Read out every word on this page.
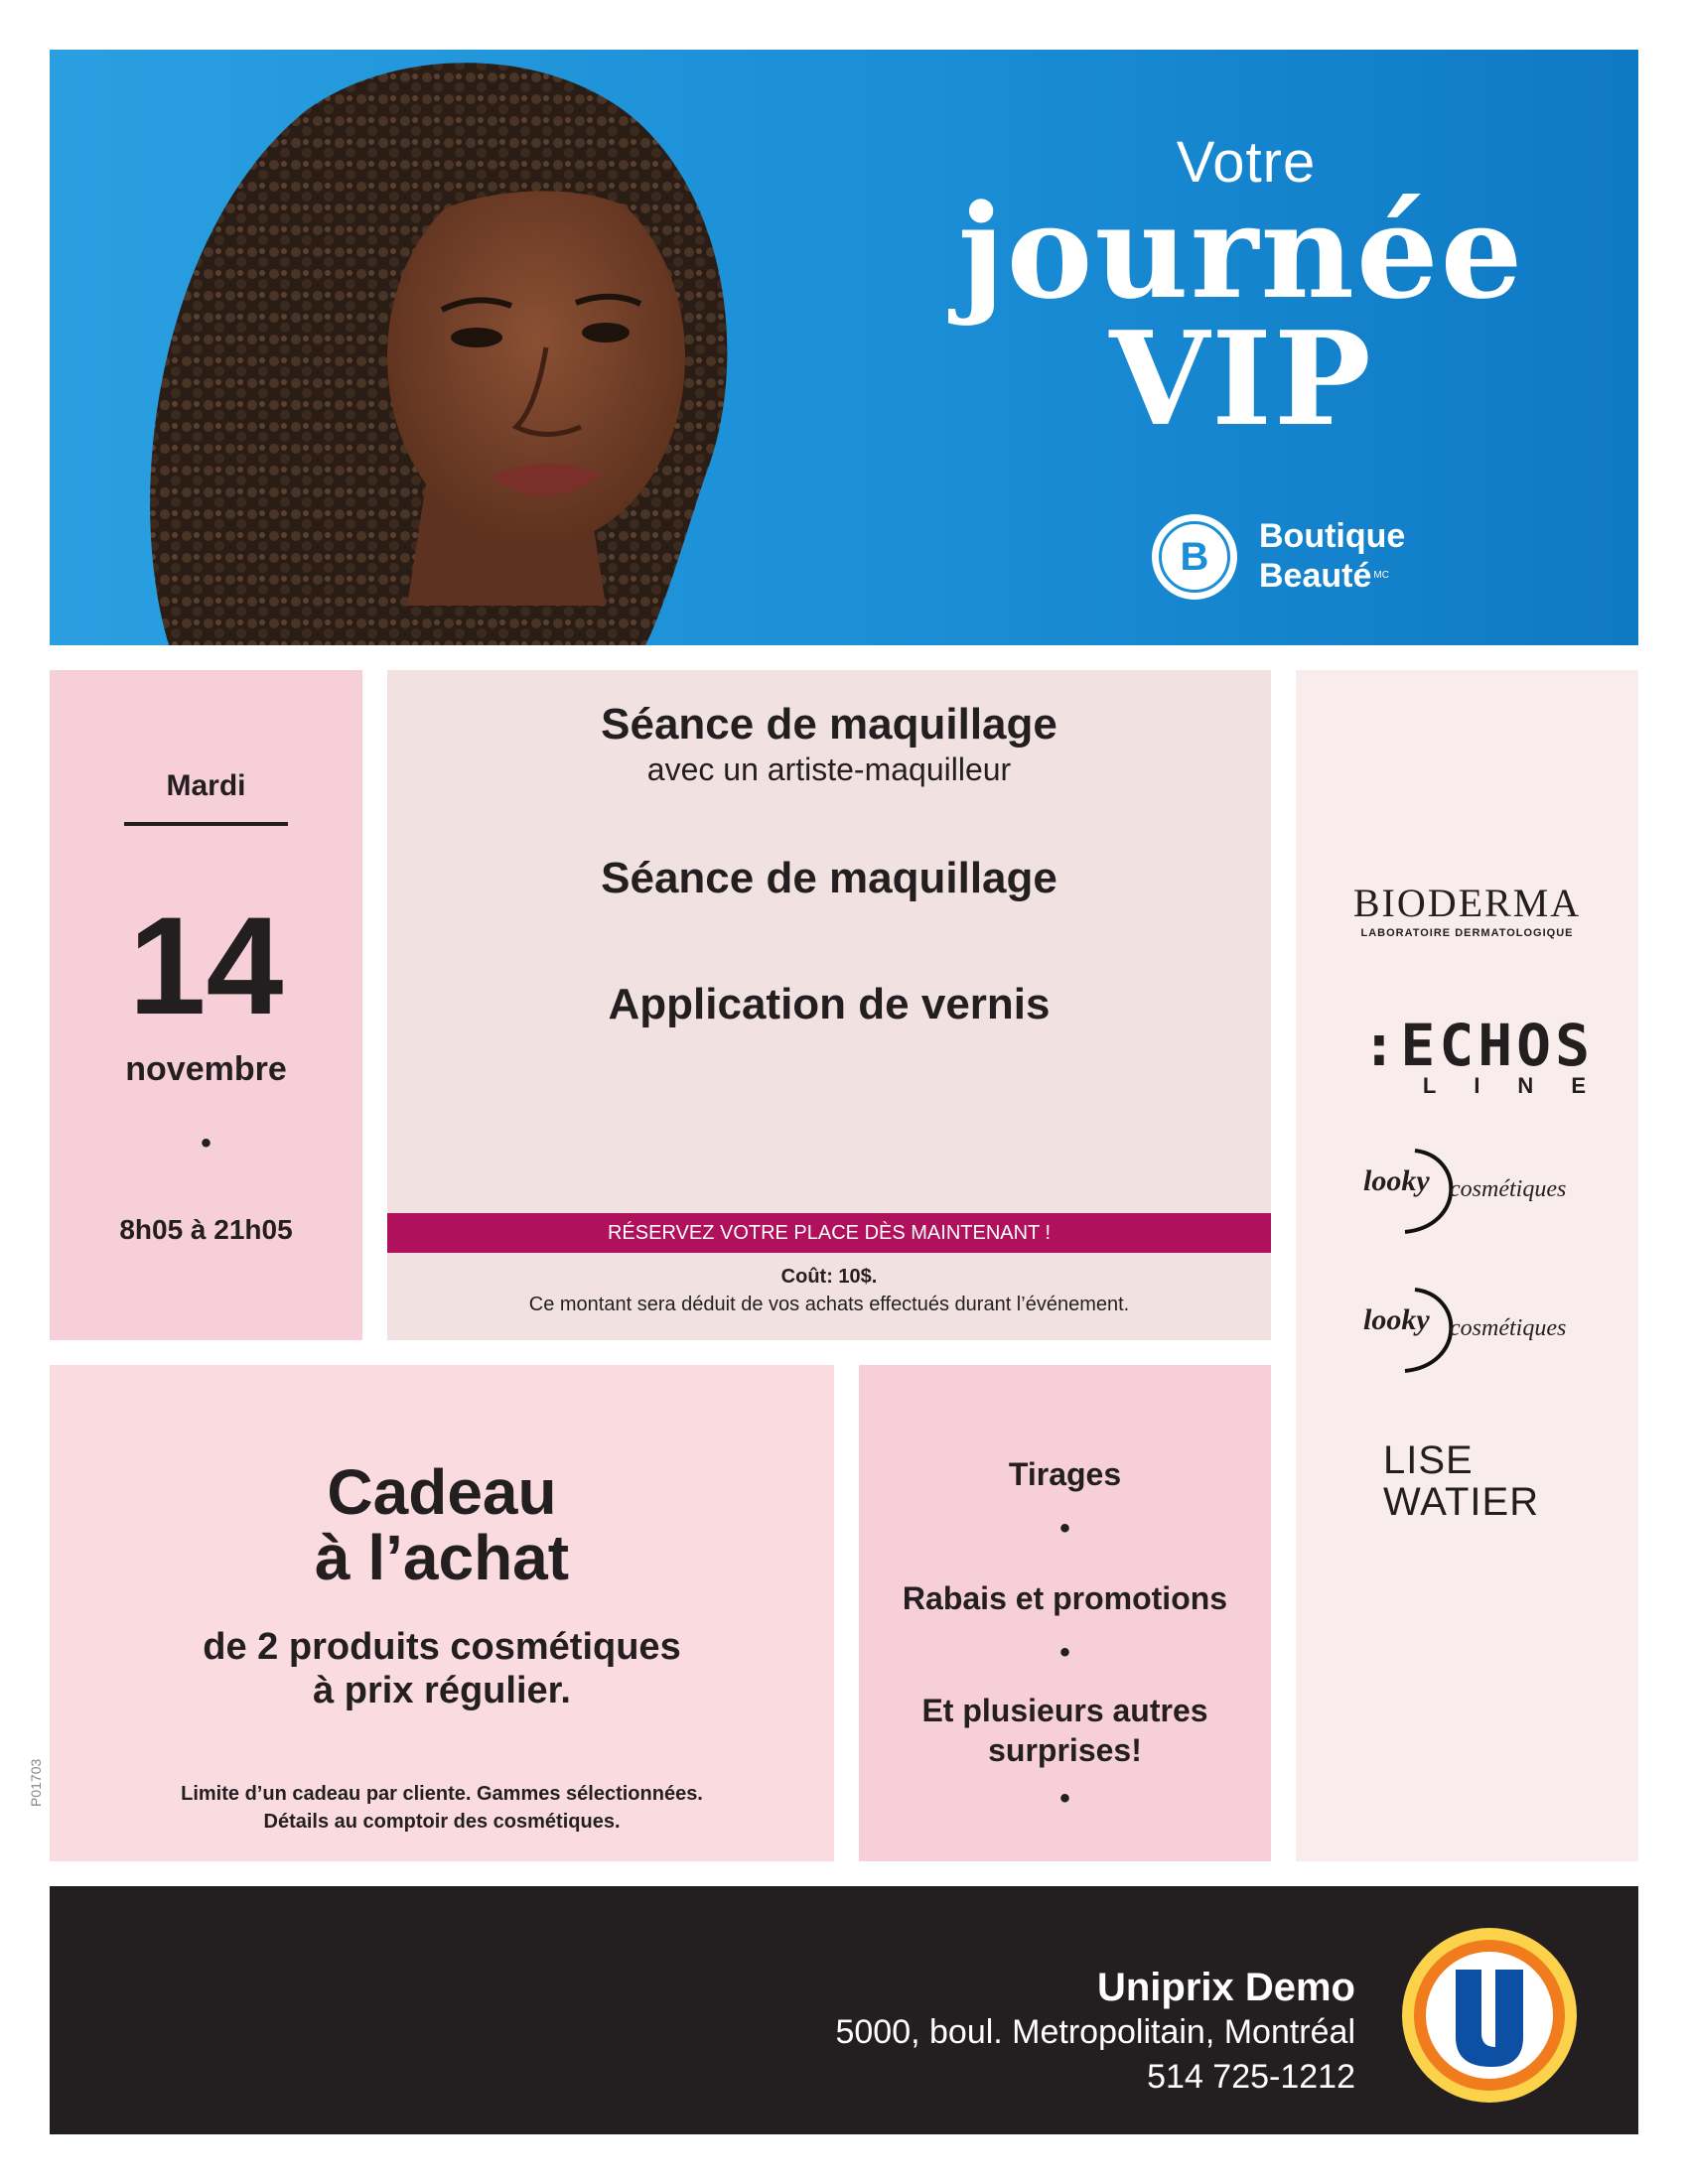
Votre
journée
VIP
B	Boutique
Beauté $^{MC}$
Mardi
14
novembre
•
8h05 à 21h05
Séance de maquillage
avec un artiste-maquilleur
Séance de maquillage
Application de vernis
RÉSERVEZ VOTRE PLACE DÈS MAINTENANT !
Coût: 10$.
Ce montant sera déduit de vos achats effectués durant l’événement.
BIODERMA
LABORATOIRE DERMATOLOGIQUE
:ECHOS
LINE
looky cosmétiques
looky cosmétiques
LISE
WATIER
Cadeau
à l’achat
de 2 produits cosmétiques
à prix régulier.
Limite d’un cadeau par cliente. Gammes sélectionnées.
Détails au comptoir des cosmétiques.
Tirages
•
Rabais et promotions
•
Et plusieurs autres
surprises!
•
P01703
Uniprix Demo
5000, boul. Metropolitain, Montréal
514 725-1212
